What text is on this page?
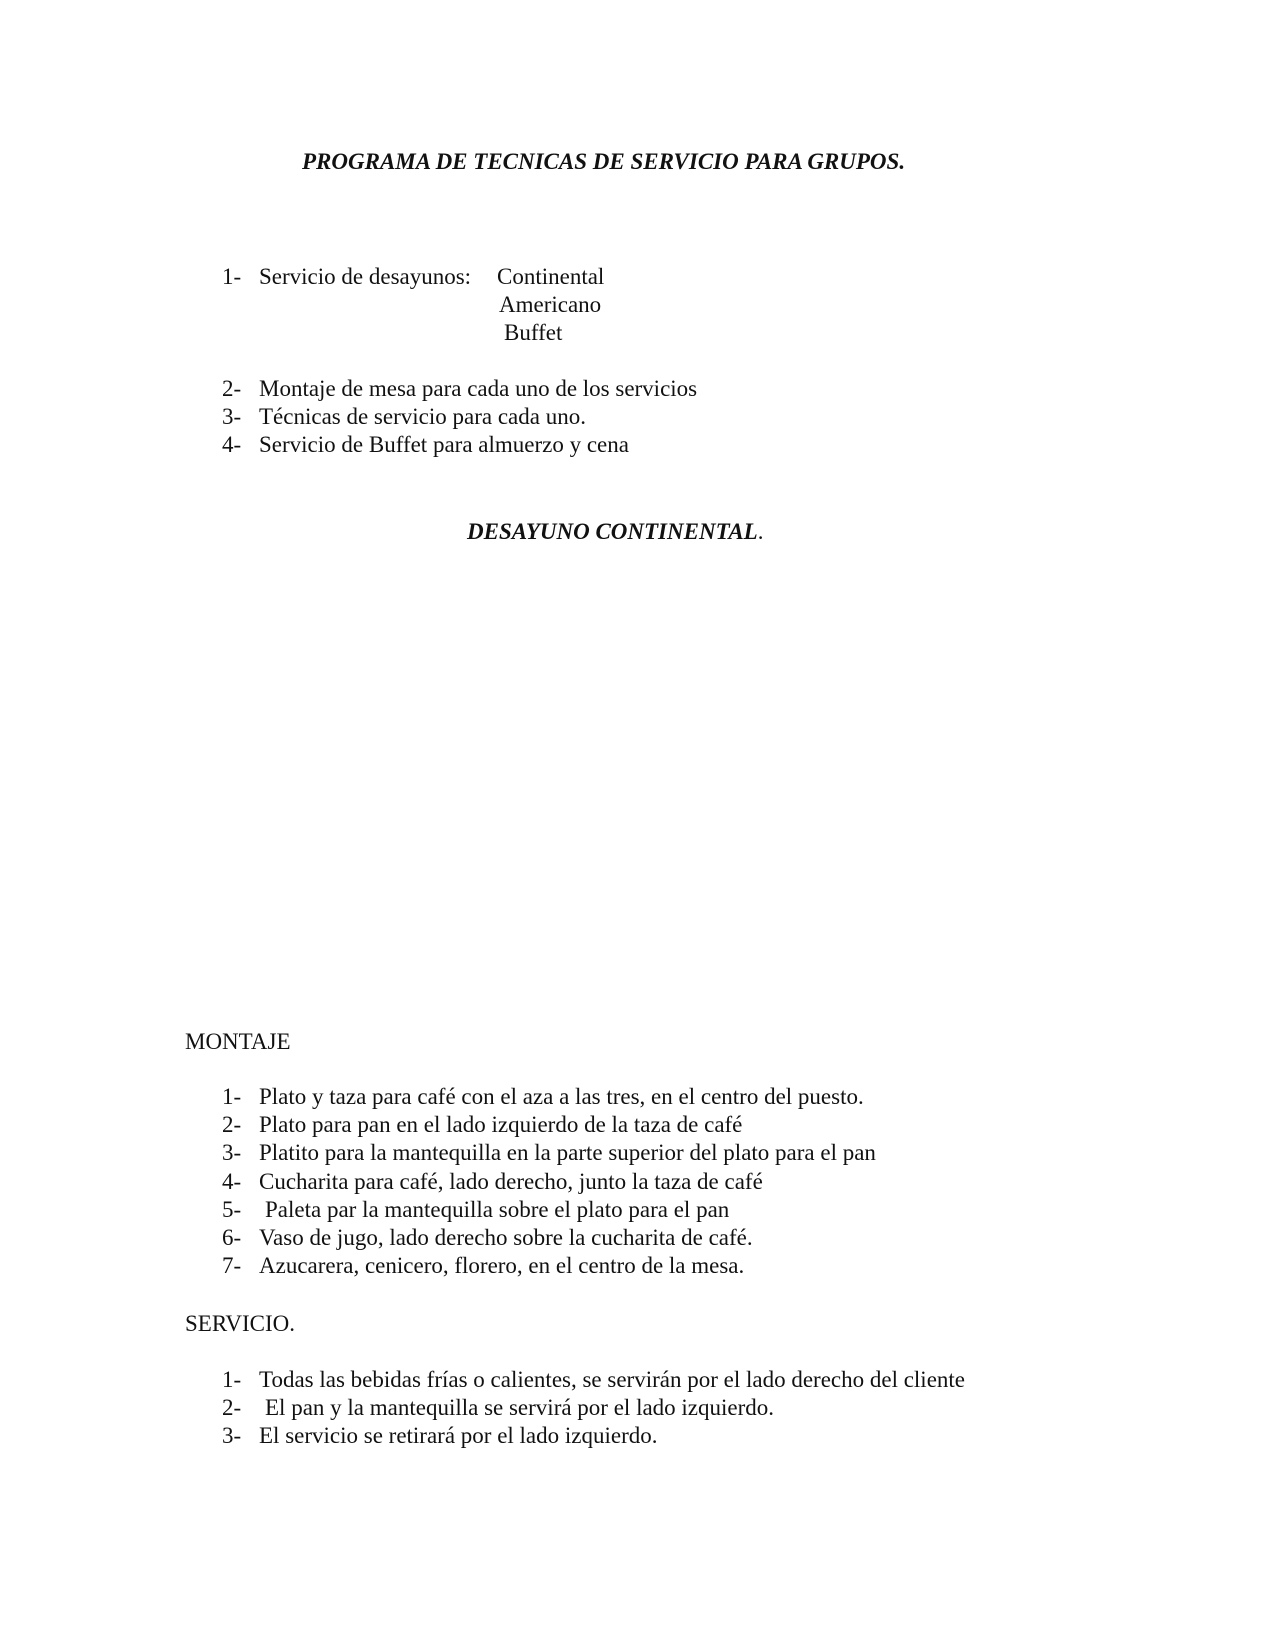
PROGRAMA DE TECNICAS DE SERVICIO PARA GRUPOS.
1- Servicio de desayunos: Continental
Americano
Buffet
2- Montaje de mesa para cada uno de los servicios
3- Técnicas de servicio para cada uno.
4- Servicio de Buffet para almuerzo y cena
DESAYUNO CONTINENTAL.
MONTAJE
1- Plato y taza para café con el aza a las tres, en el centro del puesto.
2- Plato para pan en el lado izquierdo de la taza de café
3- Platito para la mantequilla en la parte superior del plato para el pan
4- Cucharita para café, lado derecho, junto la taza de café
5- Paleta par la mantequilla sobre el plato para el pan
6- Vaso de jugo, lado derecho sobre la cucharita de café.
7- Azucarera, cenicero, florero, en el centro de la mesa.
SERVICIO.
1- Todas las bebidas frías o calientes, se servirán por el lado derecho del cliente
2- El pan y la mantequilla se servirá por el lado izquierdo.
3- El servicio se retirará por el lado izquierdo.
